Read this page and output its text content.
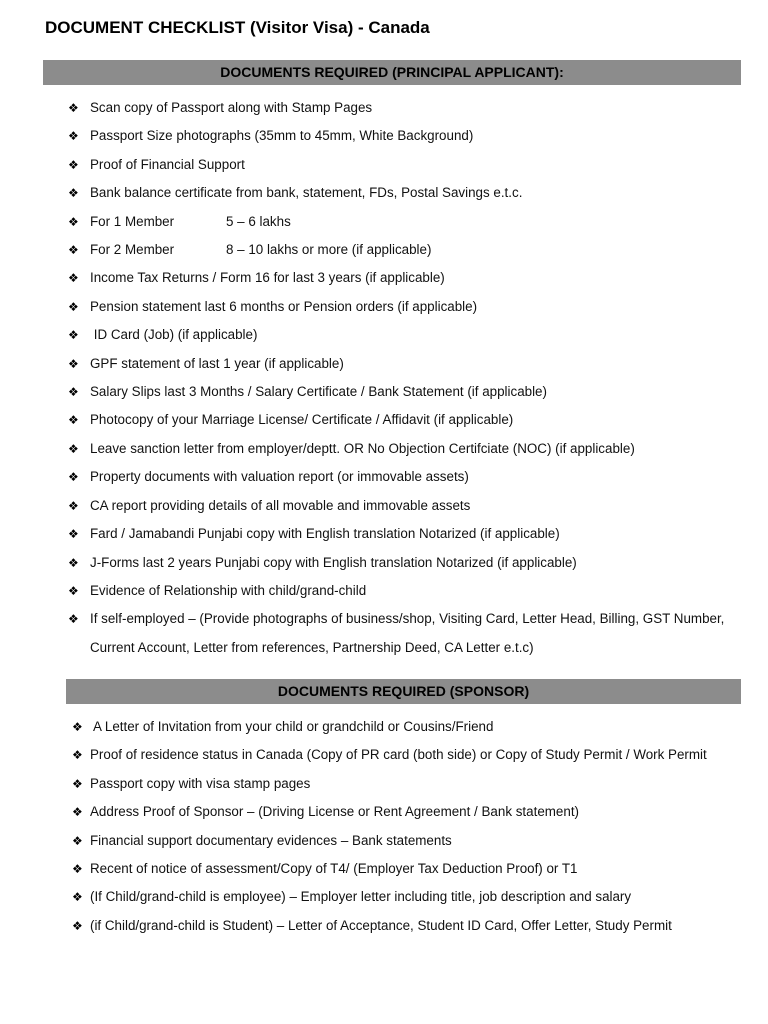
DOCUMENT CHECKLIST (Visitor Visa) - Canada
DOCUMENTS REQUIRED (PRINCIPAL APPLICANT):
❖ Scan copy of Passport along with Stamp Pages
❖ Passport Size photographs (35mm to 45mm, White Background)
❖ Proof of Financial Support
❖ Bank balance certificate from bank, statement, FDs, Postal Savings e.t.c.
❖ For 1 Member	5 – 6 lakhs
❖ For 2 Member	8 – 10 lakhs or more (if applicable)
❖ Income Tax Returns / Form 16 for last 3 years (if applicable)
❖ Pension statement last 6 months or Pension orders (if applicable)
❖ ID Card (Job) (if applicable)
❖ GPF statement of last 1 year (if applicable)
❖ Salary Slips last 3 Months / Salary Certificate / Bank Statement (if applicable)
❖ Photocopy of your Marriage License/ Certificate / Affidavit (if applicable)
❖ Leave sanction letter from employer/deptt. OR No Objection Certifciate (NOC) (if applicable)
❖ Property documents with valuation report (or immovable assets)
❖ CA report providing details of all movable and immovable assets
❖ Fard / Jamabandi Punjabi copy with English translation Notarized (if applicable)
❖ J-Forms last 2 years Punjabi copy with English translation Notarized (if applicable)
❖ Evidence of Relationship with child/grand-child
❖ If self-employed – (Provide photographs of business/shop, Visiting Card, Letter Head, Billing, GST Number, Current Account, Letter from references, Partnership Deed, CA Letter e.t.c)
DOCUMENTS REQUIRED (SPONSOR)
❖ A Letter of Invitation from your child or grandchild or Cousins/Friend
❖ Proof of residence status in Canada (Copy of PR card (both side) or Copy of Study Permit / Work Permit
❖ Passport copy with visa stamp pages
❖ Address Proof of Sponsor – (Driving License or Rent Agreement / Bank statement)
❖ Financial support documentary evidences – Bank statements
❖ Recent of notice of assessment/Copy of T4/ (Employer Tax Deduction Proof) or T1
❖ (If Child/grand-child is employee) – Employer letter including title, job description and salary
❖ (if Child/grand-child is Student) – Letter of Acceptance, Student ID Card, Offer Letter, Study Permit
